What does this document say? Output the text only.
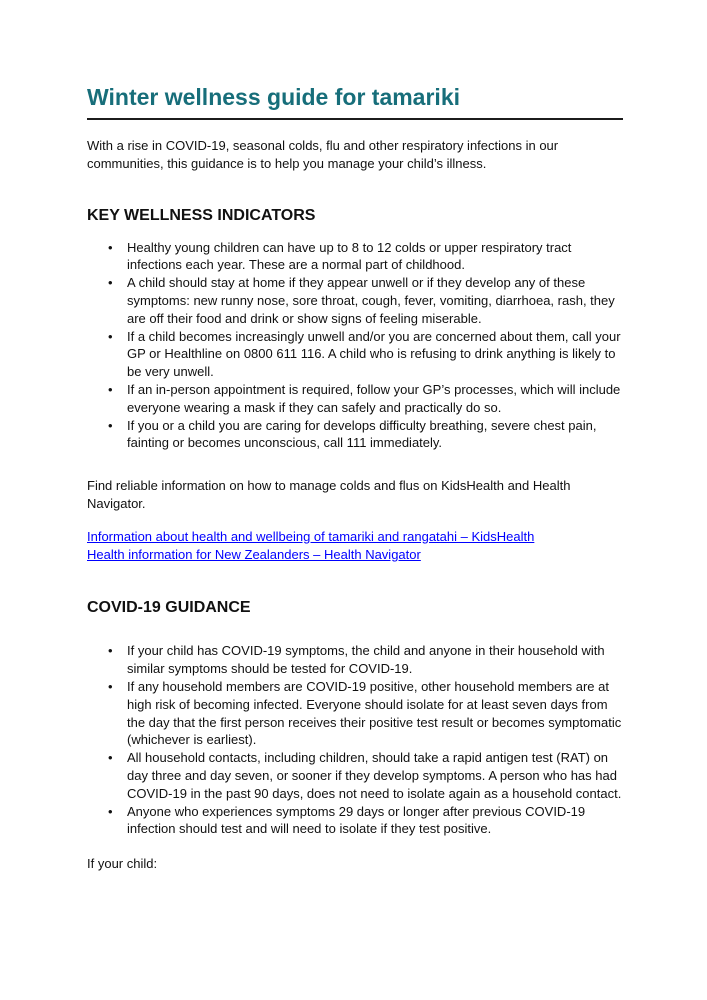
Winter wellness guide for tamariki

With a rise in COVID-19, seasonal colds, flu and other respiratory infections in our communities, this guidance is to help you manage your child’s illness.

KEY WELLNESS INDICATORS
• Healthy young children can have up to 8 to 12 colds or upper respiratory tract infections each year. These are a normal part of childhood.
• A child should stay at home if they appear unwell or if they develop any of these symptoms: new runny nose, sore throat, cough, fever, vomiting, diarrhoea, rash, they are off their food and drink or show signs of feeling miserable.
• If a child becomes increasingly unwell and/or you are concerned about them, call your GP or Healthline on 0800 611 116. A child who is refusing to drink anything is likely to be very unwell.
• If an in-person appointment is required, follow your GP’s processes, which will include everyone wearing a mask if they can safely and practically do so.
• If you or a child you are caring for develops difficulty breathing, severe chest pain, fainting or becomes unconscious, call 111 immediately.

Find reliable information on how to manage colds and flus on KidsHealth and Health Navigator.

Information about health and wellbeing of tamariki and rangatahi – KidsHealth
Health information for New Zealanders – Health Navigator
COVID-19 GUIDANCE
• If your child has COVID-19 symptoms, the child and anyone in their household with similar symptoms should be tested for COVID-19.
• If any household members are COVID-19 positive, other household members are at high risk of becoming infected. Everyone should isolate for at least seven days from the day that the first person receives their positive test result or becomes symptomatic (whichever is earliest).
• All household contacts, including children, should take a rapid antigen test (RAT) on day three and day seven, or sooner if they develop symptoms. A person who has had COVID-19 in the past 90 days, does not need to isolate again as a household contact.
• Anyone who experiences symptoms 29 days or longer after previous COVID-19 infection should test and will need to isolate if they test positive.

If your child:
